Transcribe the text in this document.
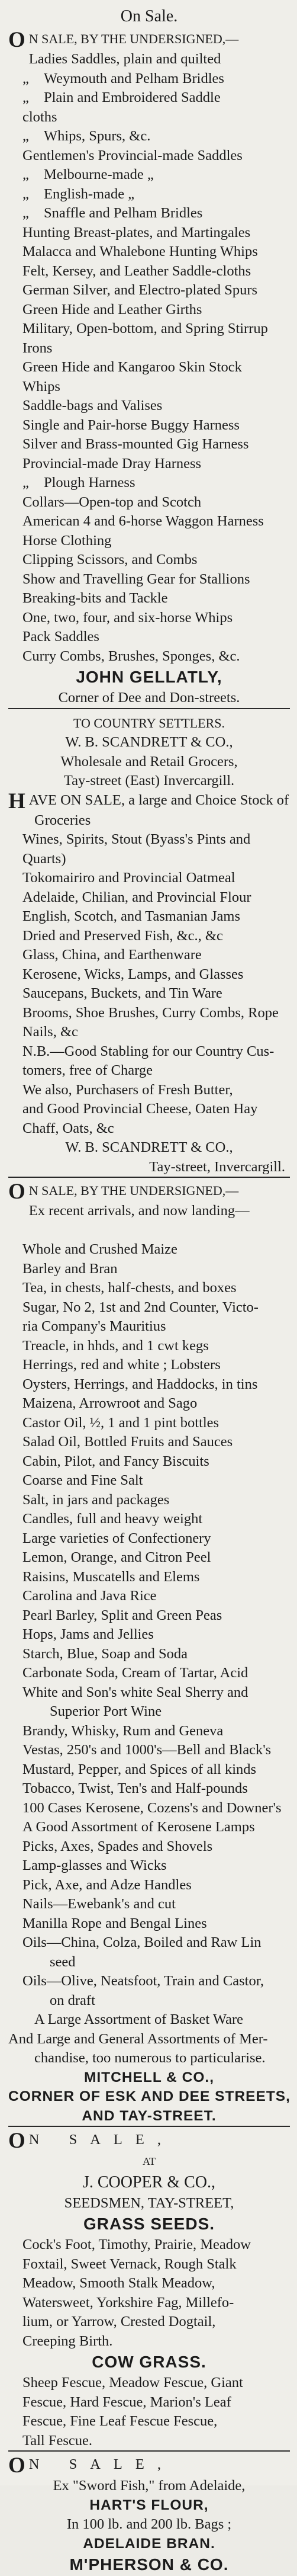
On Sale.
O N SALE, BY THE UNDERSIGNED,—
Ladies Saddles, plain and quilted
„ Weymouth and Pelham Bridles
„ Plain and Embroidered Saddle
cloths
„ Whips, Spurs, &c.
Gentlemen's Provincial-made Saddles
„ Melbourne-made „
„ English-made „
„ Snaffle and Pelham Bridles
Hunting Breast-plates, and Martingales
Malacca and Whalebone Hunting Whips
Felt, Kersey, and Leather Saddle-cloths
German Silver, and Electro-plated Spurs
Green Hide and Leather Girths
Military, Open-bottom, and Spring Stirrup
Irons
Green Hide and Kangaroo Skin Stock
Whips
Saddle-bags and Valises
Single and Pair-horse Buggy Harness
Silver and Brass-mounted Gig Harness
Provincial-made Dray Harness
„ Plough Harness
Collars—Open-top and Scotch
American 4 and 6-horse Waggon Harness
Horse Clothing
Clipping Scissors, and Combs
Show and Travelling Gear for Stallions
Breaking-bits and Tackle
One, two, four, and six-horse Whips
Pack Saddles
Curry Combs, Brushes, Sponges, &c.
JOHN GELLATLY,
Corner of Dee and Don-streets.
TO COUNTRY SETTLERS.
W. B. SCANDRETT & CO.,
Wholesale and Retail Grocers,
Tay-street (East) Invercargill.
H AVE ON SALE, a large and Choice Stock of
Groceries
Wines, Spirits, Stout (Byass's Pints and
Quarts)
Tokomairiro and Provincial Oatmeal
Adelaide, Chilian, and Provincial Flour
English, Scotch, and Tasmanian Jams
Dried and Preserved Fish, &c., &c
Glass, China, and Earthenware
Kerosene, Wicks, Lamps, and Glasses
Saucepans, Buckets, and Tin Ware
Brooms, Shoe Brushes, Curry Combs, Rope
Nails, &c
N.B.—Good Stabling for our Country Cus-
tomers, free of Charge
We also, Purchasers of Fresh Butter,
and Good Provincial Cheese, Oaten Hay
Chaff, Oats, &c
W. B. SCANDRETT & CO.,
Tay-street, Invercargill.
O N SALE, BY THE UNDERSIGNED,—
Ex recent arrivals, and now landing—

Whole and Crushed Maize
Barley and Bran
Tea, in chests, half-chests, and boxes
Sugar, No 2, 1st and 2nd Counter, Victo-
ria Company's Mauritius
Treacle, in hhds, and 1 cwt kegs
Herrings, red and white ; Lobsters
Oysters, Herrings, and Haddocks, in tins
Maizena, Arrowroot and Sago
Castor Oil, ½, 1 and 1 pint bottles
Salad Oil, Bottled Fruits and Sauces
Cabin, Pilot, and Fancy Biscuits
Coarse and Fine Salt
Salt, in jars and packages
Candles, full and heavy weight
Large varieties of Confectionery
Lemon, Orange, and Citron Peel
Raisins, Muscatells and Elems
Carolina and Java Rice
Pearl Barley, Split and Green Peas
Hops, Jams and Jellies
Starch, Blue, Soap and Soda
Carbonate Soda, Cream of Tartar, Acid
White and Son's white Seal Sherry and
Superior Port Wine
Brandy, Whisky, Rum and Geneva
Vestas, 250's and 1000's—Bell and Black's
Mustard, Pepper, and Spices of all kinds
Tobacco, Twist, Ten's and Half-pounds
100 Cases Kerosene, Cozens's and Downer's
A Good Assortment of Kerosene Lamps
Picks, Axes, Spades and Shovels
Lamp-glasses and Wicks
Pick, Axe, and Adze Handles
Nails—Ewebank's and cut
Manilla Rope and Bengal Lines
Oils—China, Colza, Boiled and Raw Lin
seed
Oils—Olive, Neatsfoot, Train and Castor,
on draft
A Large Assortment of Basket Ware
And Large and General Assortments of Mer-
chandise, too numerous to particularise.
MITCHELL & CO.,
CORNER OF ESK AND DEE STREETS,
AND TAY-STREET.
O N SALE,
AT
J. COOPER & CO.,
SEEDSMEN, TAY-STREET,
GRASS SEEDS.
Cock's Foot, Timothy, Prairie, Meadow
Foxtail, Sweet Vernack, Rough Stalk
Meadow, Smooth Stalk Meadow,
Watersweet, Yorkshire Fag, Millefo-
lium, or Yarrow, Crested Dogtail,
Creeping Birth.
COW GRASS.
Sheep Fescue, Meadow Fescue, Giant
Fescue, Hard Fescue, Marion's Leaf
Fescue, Fine Leaf Fescue Fescue,
Tall Fescue.
O N SALE,
Ex "Sword Fish," from Adelaide,
HART'S FLOUR,
In 100 lb. and 200 lb. Bags ;
ADELAIDE BRAN.
M'PHERSON & CO.
